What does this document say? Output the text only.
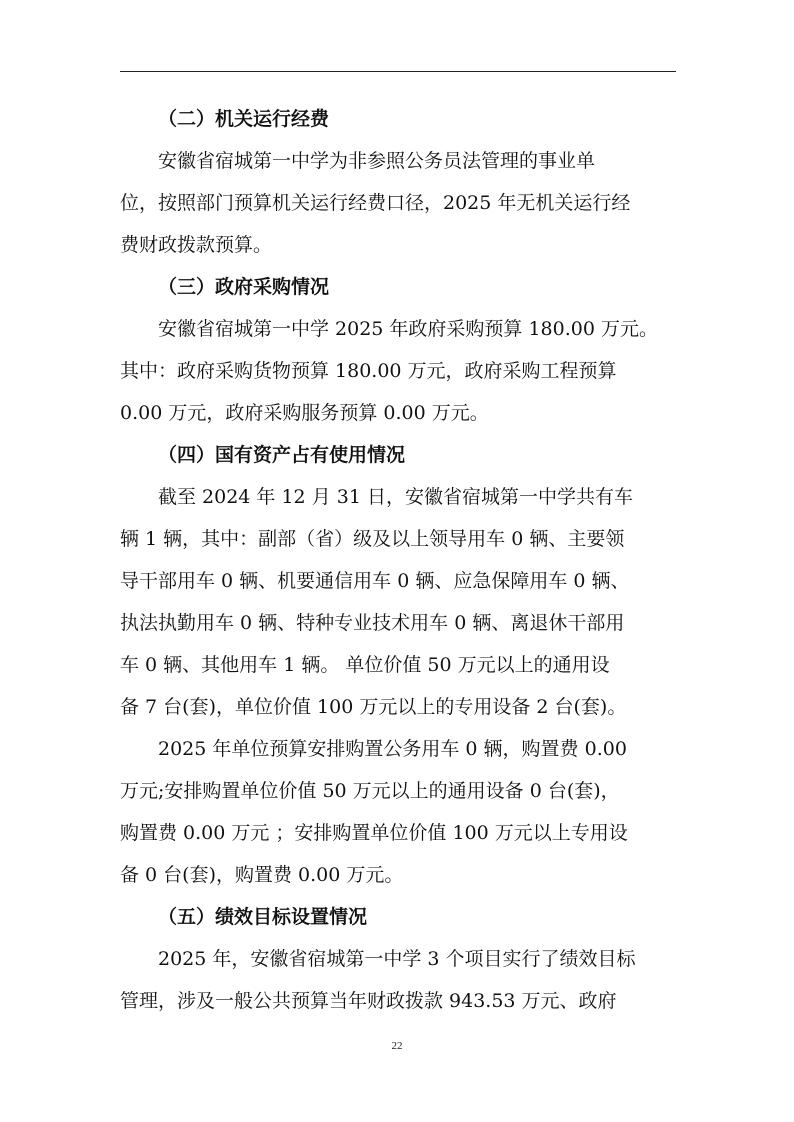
（二）机关运行经费
安徽省宿城第一中学为非参照公务员法管理的事业单
位，按照部门预算机关运行经费口径，2025 年无机关运行经
费财政拨款预算。
（三）政府采购情况
安徽省宿城第一中学 2025 年政府采购预算 180.00 万元。
其中：政府采购货物预算 180.00 万元，政府采购工程预算
0.00 万元，政府采购服务预算 0.00 万元。
（四）国有资产占有使用情况
截至 2024 年 12 月 31 日，安徽省宿城第一中学共有车
辆 1 辆，其中：副部（省）级及以上领导用车 0 辆、主要领
导干部用车 0 辆、机要通信用车 0 辆、应急保障用车 0 辆、
执法执勤用车 0 辆、特种专业技术用车 0 辆、离退休干部用
车 0 辆、其他用车 1 辆。 单位价值 50 万元以上的通用设
备 7 台(套)，单位价值 100 万元以上的专用设备 2 台(套)。
2025 年单位预算安排购置公务用车 0 辆，购置费 0.00
万元;安排购置单位价值 50 万元以上的通用设备 0 台(套)，
购置费 0.00 万元 ；安排购置单位价值 100 万元以上专用设
备 0 台(套)，购置费 0.00 万元。
（五）绩效目标设置情况
2025 年，安徽省宿城第一中学 3 个项目实行了绩效目标
管理，涉及一般公共预算当年财政拨款 943.53 万元、政府
22
